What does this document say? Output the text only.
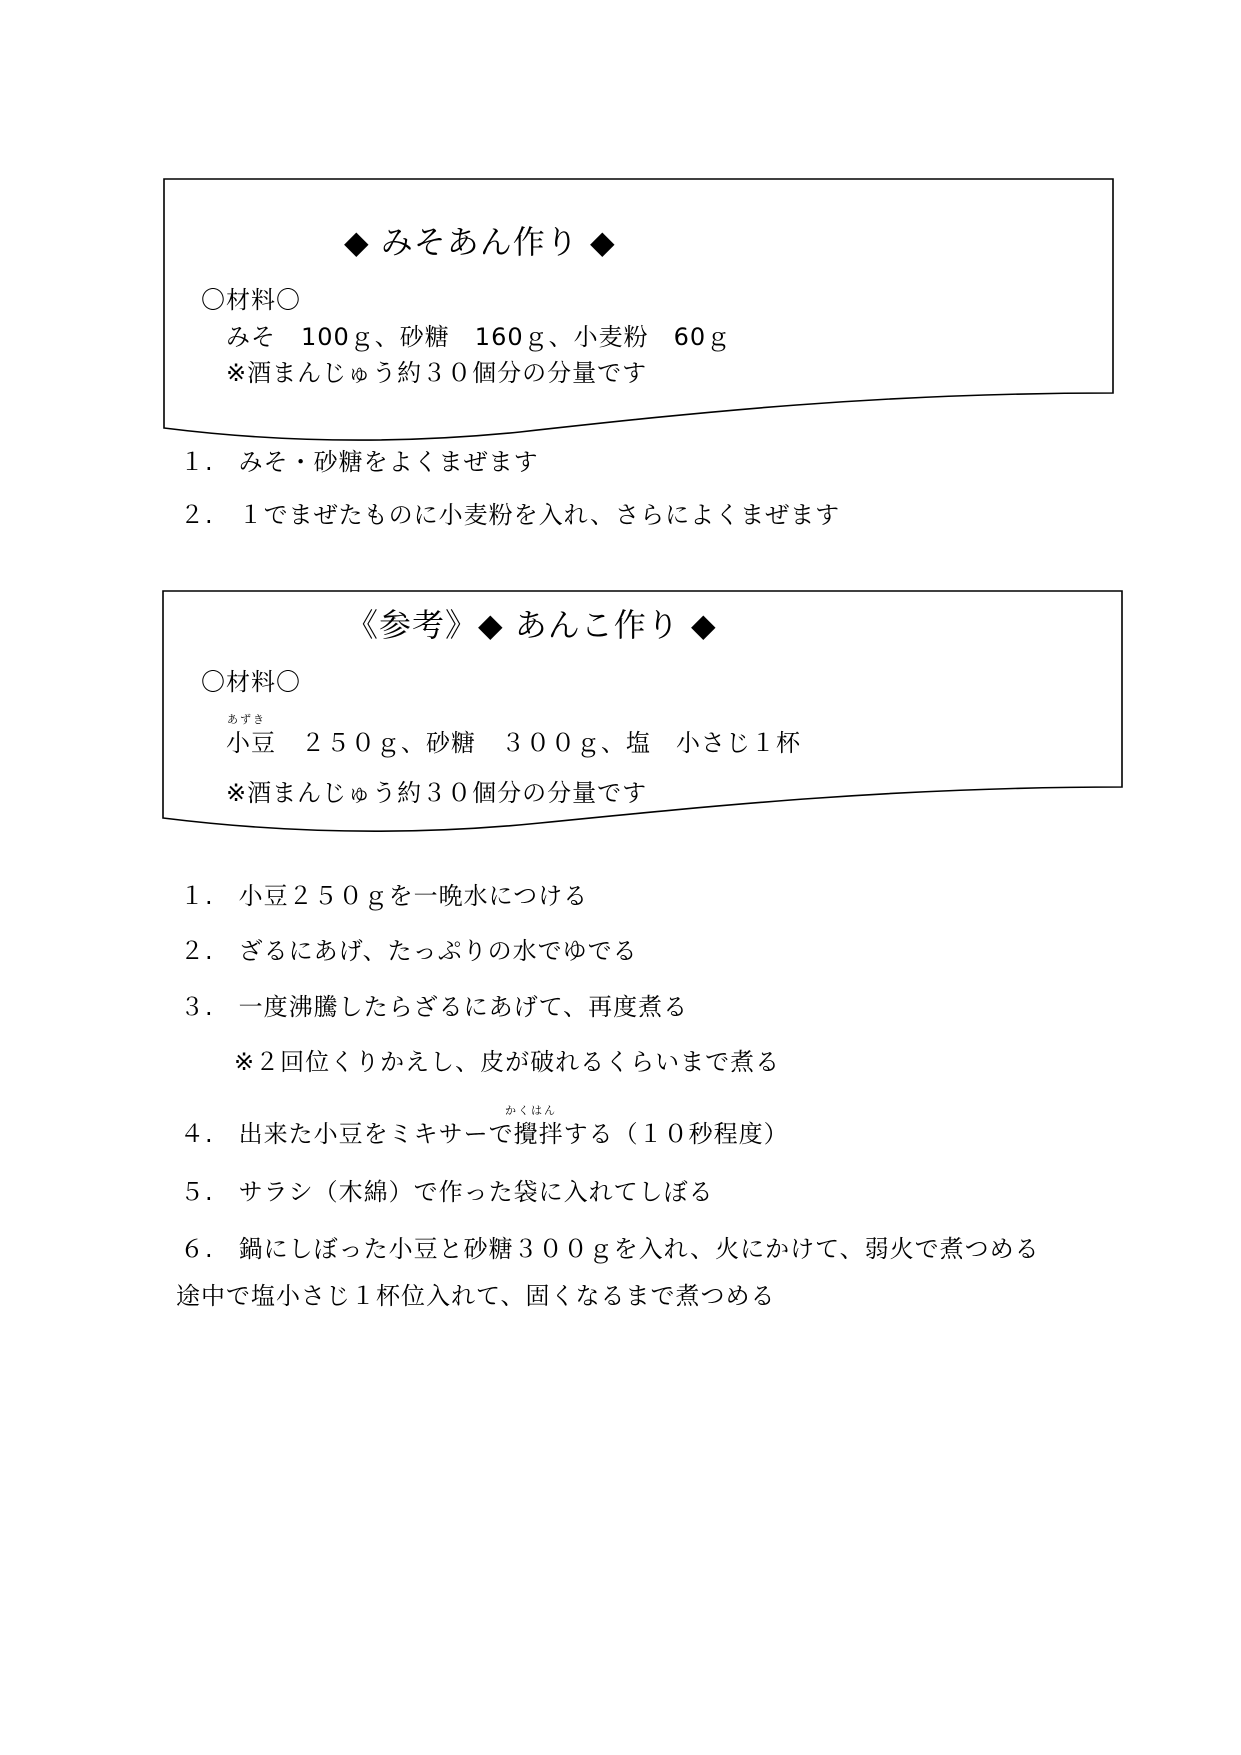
◆ みそあん作り ◆
〇材料〇
みそ　100ｇ、砂糖　160ｇ、小麦粉　60ｇ
※酒まんじゅう約３０個分の分量です
１.　みそ・砂糖をよくまぜます
２.　１でまぜたものに小麦粉を入れ、さらによくまぜます
《参考》◆ あんこ作り ◆
〇材料〇
あずき
小豆　２５０ｇ、砂糖　３００ｇ、塩　小さじ１杯
※酒まんじゅう約３０個分の分量です
１.　小豆２５０ｇを一晩水につける
２.　ざるにあげ、たっぷりの水でゆでる
３.　一度沸騰したらざるにあげて、再度煮る
※２回位くりかえし、皮が破れるくらいまで煮る
かくはん
４.　出来た小豆をミキサーで攪拌する（１０秒程度）
５.　サラシ（木綿）で作った袋に入れてしぼる
６.　鍋にしぼった小豆と砂糖３００ｇを入れ、火にかけて、弱火で煮つめる
途中で塩小さじ１杯位入れて、固くなるまで煮つめる
